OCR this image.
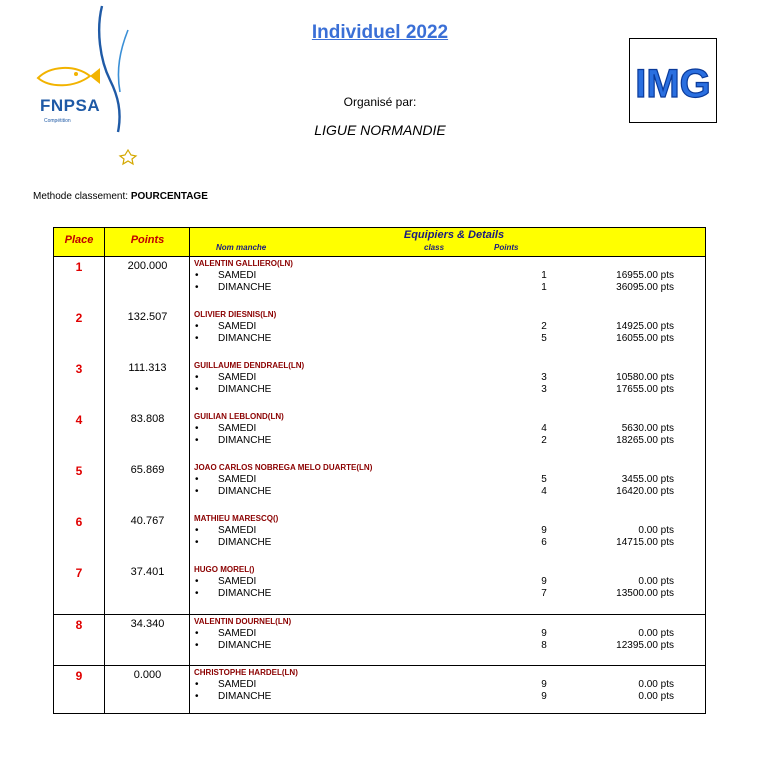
FNPSA
Compétition
Individuel 2022
Organisé par:
LIGUE NORMANDIE
IMG
Methode classement: POURCENTAGE
Place	Points	Equipiers & Details
Nom manche	class	Points
1	200.000	VALENTIN GALLIERO(LN)
• SAMEDI	1	16955.00 pts
• DIMANCHE	1	36095.00 pts
2	132.507	OLIVIER DIESNIS(LN)
• SAMEDI	2	14925.00 pts
• DIMANCHE	5	16055.00 pts
3	111.313	GUILLAUME DENDRAEL(LN)
• SAMEDI	3	10580.00 pts
• DIMANCHE	3	17655.00 pts
4	83.808	GUILIAN LEBLOND(LN)
• SAMEDI	4	5630.00 pts
• DIMANCHE	2	18265.00 pts
5	65.869	JOAO CARLOS NOBREGA MELO DUARTE(LN)
• SAMEDI	5	3455.00 pts
• DIMANCHE	4	16420.00 pts
6	40.767	MATHIEU MARESCQ()
• SAMEDI	9	0.00 pts
• DIMANCHE	6	14715.00 pts
7	37.401	HUGO MOREL()
• SAMEDI	9	0.00 pts
• DIMANCHE	7	13500.00 pts
8	34.340	VALENTIN DOURNEL(LN)
• SAMEDI	9	0.00 pts
• DIMANCHE	8	12395.00 pts
9	0.000	CHRISTOPHE HARDEL(LN)
• SAMEDI	9	0.00 pts
• DIMANCHE	9	0.00 pts
